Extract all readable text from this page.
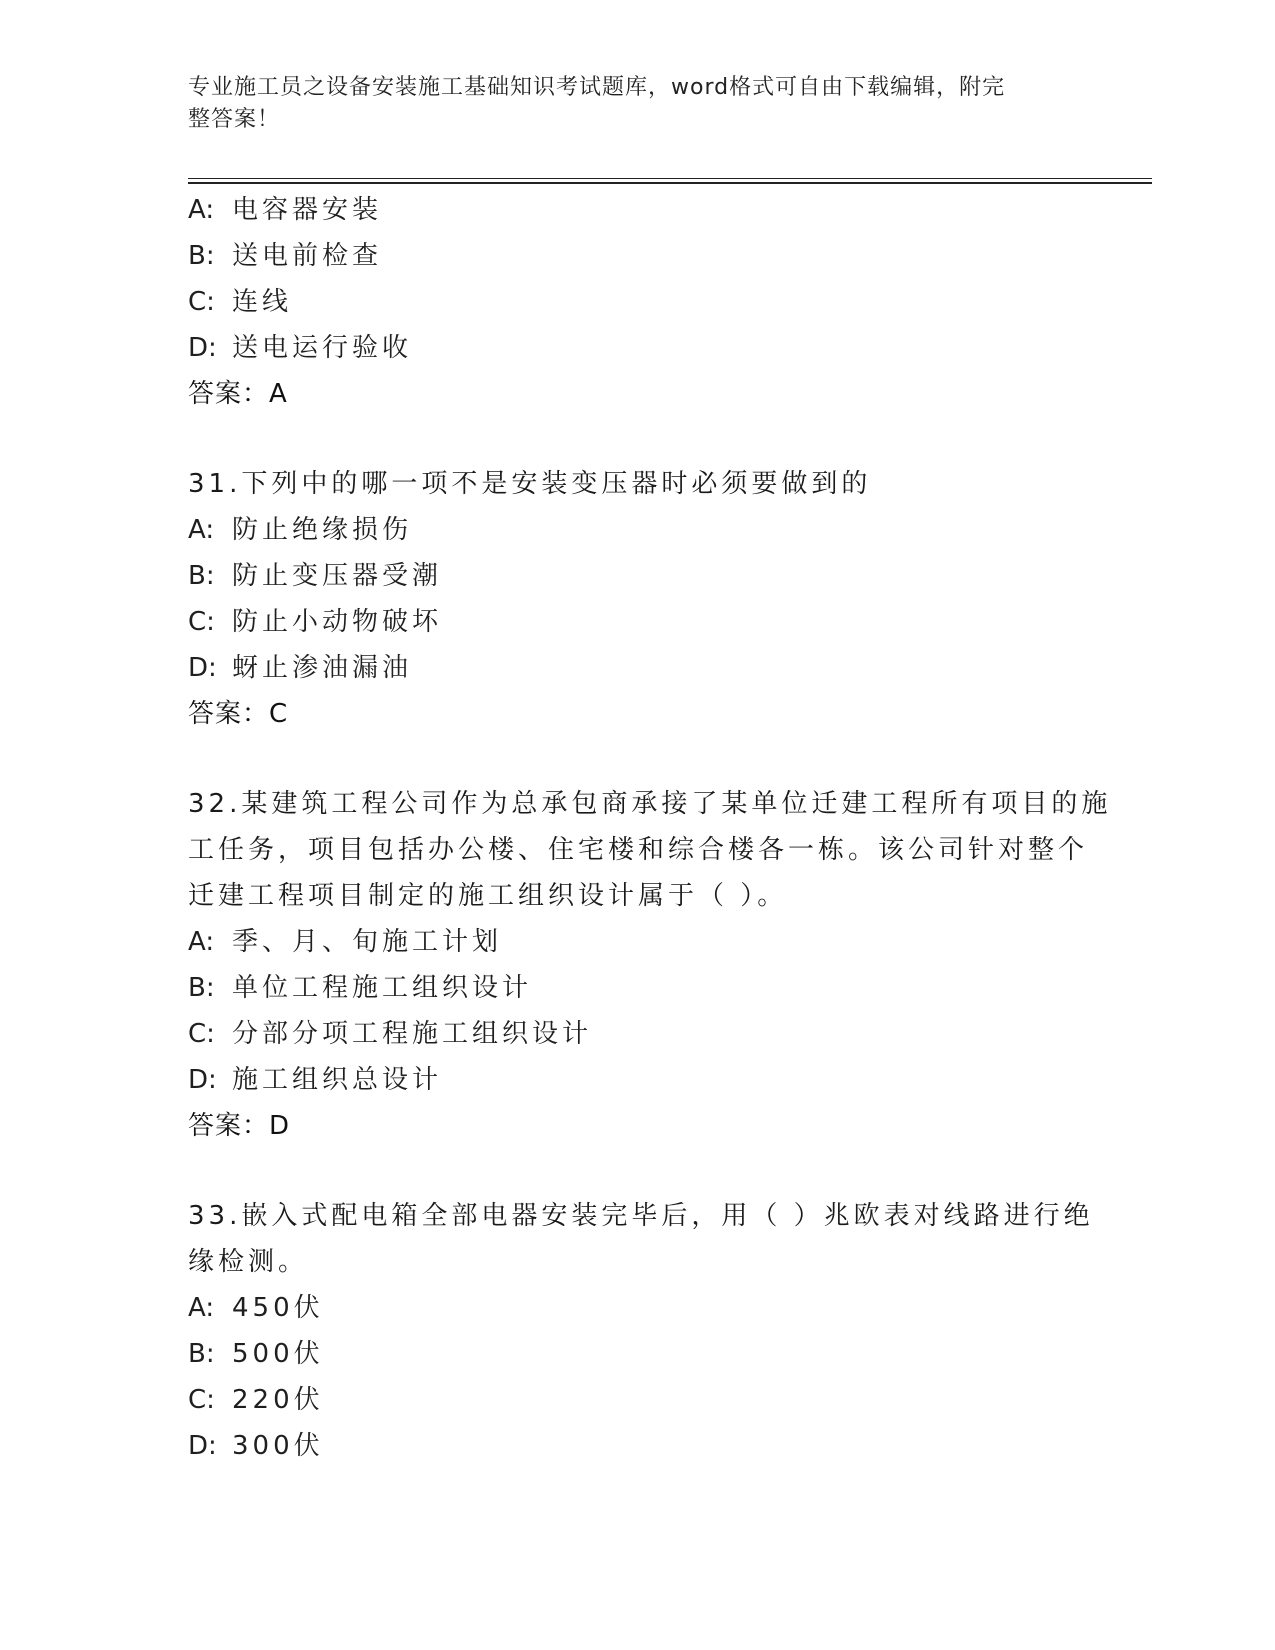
专业施工员之设备安装施工基础知识考试题库，word格式可自由下载编辑，附完
整答案！
A: 电容器安装
B: 送电前检查
C: 连线
D: 送电运行验收
答案：A
31.下列中的哪一项不是安装变压器时必须要做到的
A: 防止绝缘损伤
B: 防止变压器受潮
C: 防止小动物破坏
D: 蚜止渗油漏油
答案：C
32.某建筑工程公司作为总承包商承接了某单位迁建工程所有项目的施
工任务，项目包括办公楼、住宅楼和综合楼各一栋。该公司针对整个
迁建工程项目制定的施工组织设计属于（ ）。
A: 季、月、旬施工计划
B: 单位工程施工组织设计
C: 分部分项工程施工组织设计
D: 施工组织总设计
答案：D
33.嵌入式配电箱全部电器安装完毕后，用（ ）兆欧表对线路进行绝
缘检测。
A: 450伏
B: 500伏
C: 220伏
D: 300伏
